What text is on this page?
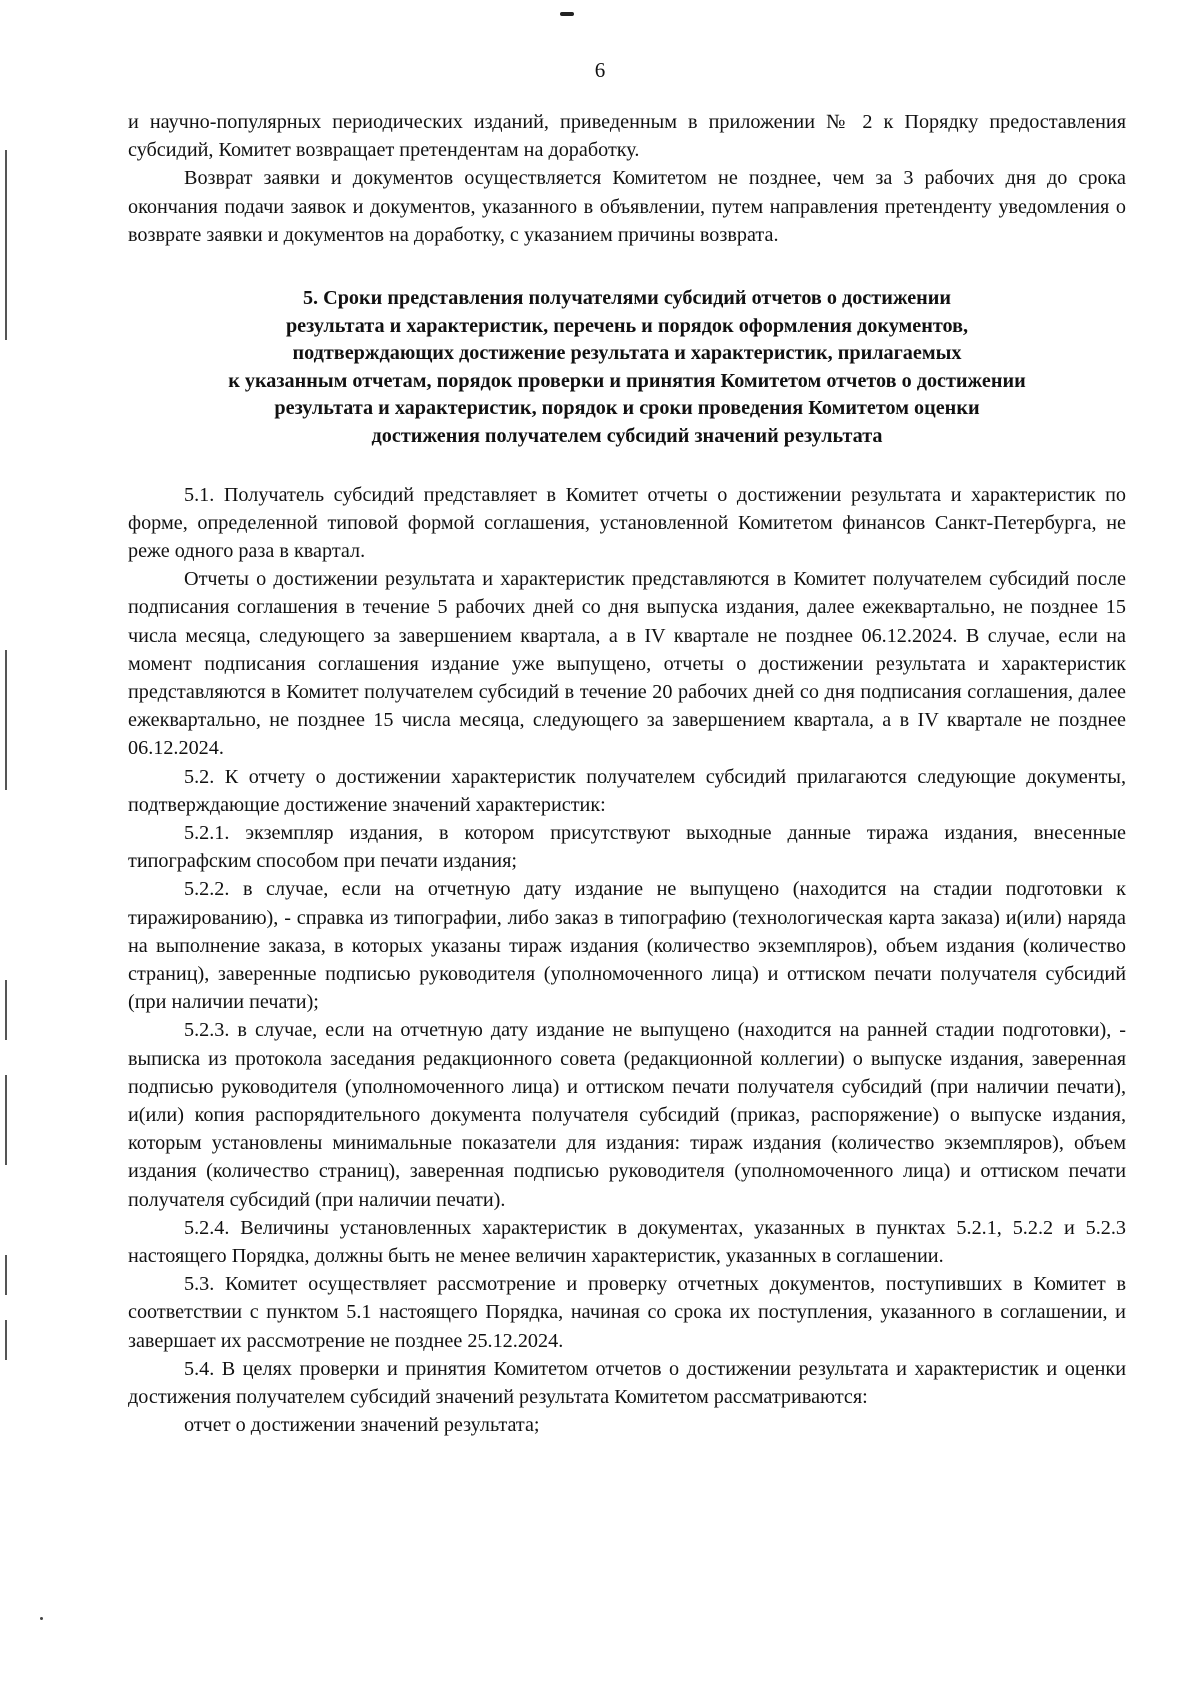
6

и научно-популярных периодических изданий, приведенным в приложении № 2 к Порядку предоставления субсидий, Комитет возвращает претендентам на доработку.

Возврат заявки и документов осуществляется Комитетом не позднее, чем за 3 рабочих дня до срока окончания подачи заявок и документов, указанного в объявлении, путем направления претенденту уведомления о возврате заявки и документов на доработку, с указанием причины возврата.

5. Сроки представления получателями субсидий отчетов о достижении
результата и характеристик, перечень и порядок оформления документов,
подтверждающих достижение результата и характеристик, прилагаемых
к указанным отчетам, порядок проверки и принятия Комитетом отчетов о достижении
результата и характеристик, порядок и сроки проведения Комитетом оценки
достижения получателем субсидий значений результата

5.1. Получатель субсидий представляет в Комитет отчеты о достижении результата и характеристик по форме, определенной типовой формой соглашения, установленной Комитетом финансов Санкт-Петербурга, не реже одного раза в квартал.

Отчеты о достижении результата и характеристик представляются в Комитет получателем субсидий после подписания соглашения в течение 5 рабочих дней со дня выпуска издания, далее ежеквартально, не позднее 15 числа месяца, следующего за завершением квартала, а в IV квартале не позднее 06.12.2024. В случае, если на момент подписания соглашения издание уже выпущено, отчеты о достижении результата и характеристик представляются в Комитет получателем субсидий в течение 20 рабочих дней со дня подписания соглашения, далее ежеквартально, не позднее 15 числа месяца, следующего за завершением квартала, а в IV квартале не позднее 06.12.2024.

5.2. К отчету о достижении характеристик получателем субсидий прилагаются следующие документы, подтверждающие достижение значений характеристик:

5.2.1. экземпляр издания, в котором присутствуют выходные данные тиража издания, внесенные типографским способом при печати издания;

5.2.2. в случае, если на отчетную дату издание не выпущено (находится на стадии подготовки к тиражированию), - справка из типографии, либо заказ в типографию (технологическая карта заказа) и(или) наряда на выполнение заказа, в которых указаны тираж издания (количество экземпляров), объем издания (количество страниц), заверенные подписью руководителя (уполномоченного лица) и оттиском печати получателя субсидий (при наличии печати);

5.2.3. в случае, если на отчетную дату издание не выпущено (находится на ранней стадии подготовки), - выписка из протокола заседания редакционного совета (редакционной коллегии) о выпуске издания, заверенная подписью руководителя (уполномоченного лица) и оттиском печати получателя субсидий (при наличии печати), и(или) копия распорядительного документа получателя субсидий (приказ, распоряжение) о выпуске издания, которым установлены минимальные показатели для издания: тираж издания (количество экземпляров), объем издания (количество страниц), заверенная подписью руководителя (уполномоченного лица) и оттиском печати получателя субсидий (при наличии печати).

5.2.4. Величины установленных характеристик в документах, указанных в пунктах 5.2.1, 5.2.2 и 5.2.3 настоящего Порядка, должны быть не менее величин характеристик, указанных в соглашении.

5.3. Комитет осуществляет рассмотрение и проверку отчетных документов, поступивших в Комитет в соответствии с пунктом 5.1 настоящего Порядка, начиная со срока их поступления, указанного в соглашении, и завершает их рассмотрение не позднее 25.12.2024.

5.4. В целях проверки и принятия Комитетом отчетов о достижении результата и характеристик и оценки достижения получателем субсидий значений результата Комитетом рассматриваются:

отчет о достижении значений результата;
